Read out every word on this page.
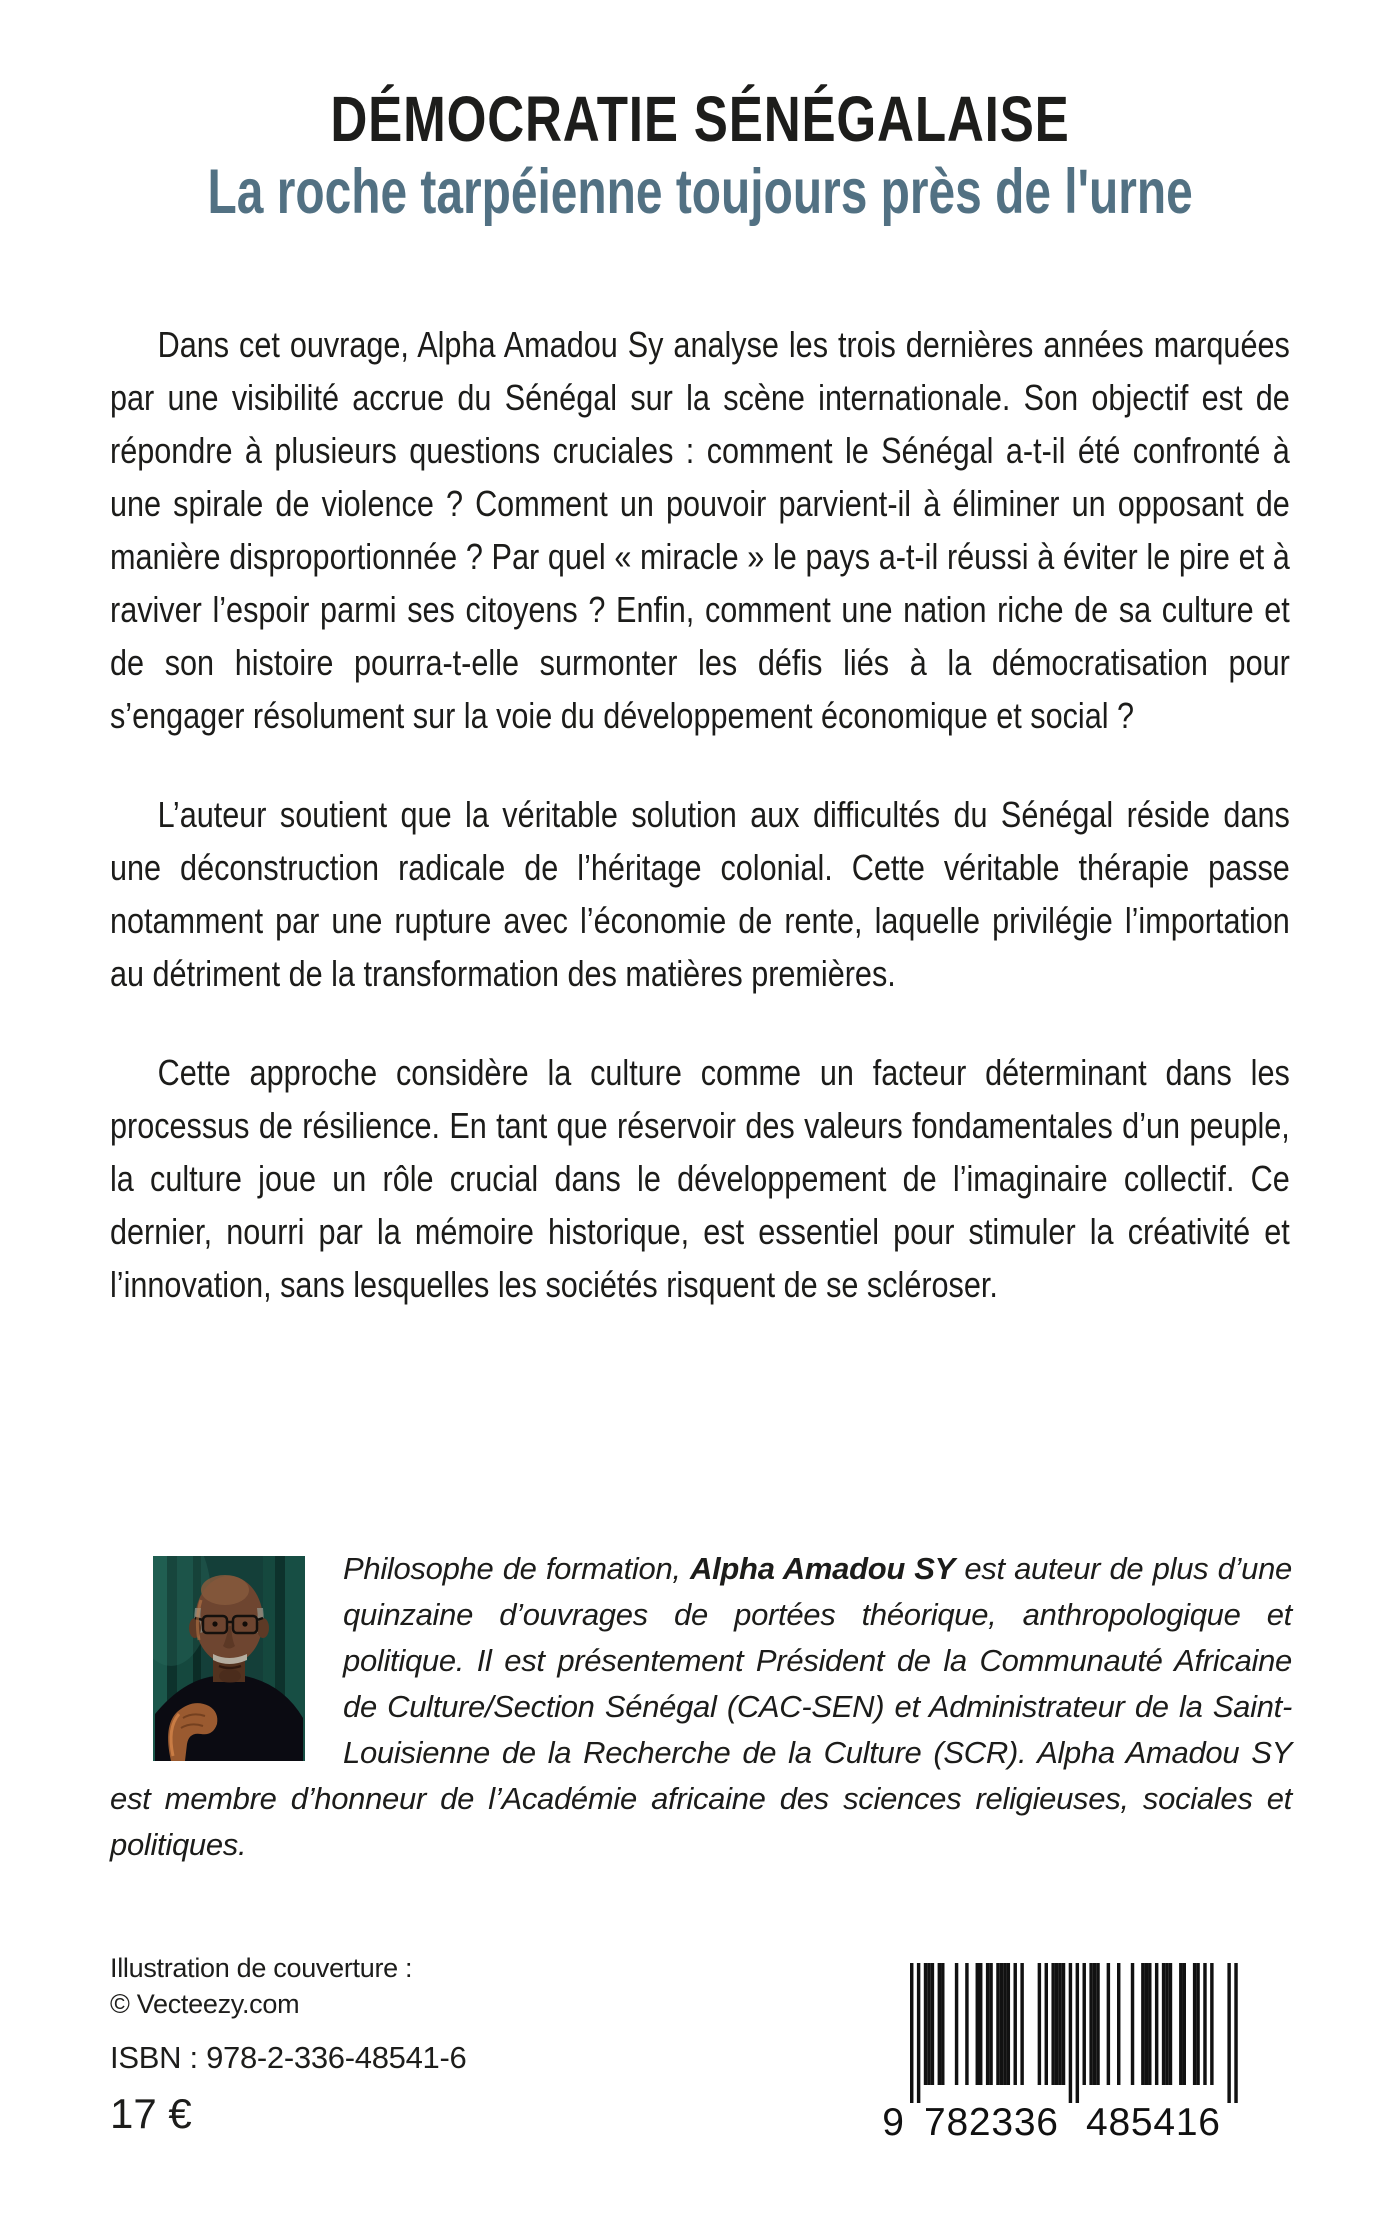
DÉMOCRATIE SÉNÉGALAISE
La roche tarpéienne toujours près de l'urne

Dans cet ouvrage, Alpha Amadou Sy analyse les trois dernières années marquées par une visibilité accrue du Sénégal sur la scène internationale. Son objectif est de répondre à plusieurs questions cruciales : comment le Sénégal a-t-il été confronté à une spirale de violence ? Comment un pouvoir parvient-il à éliminer un opposant de manière disproportionnée ? Par quel « miracle » le pays a-t-il réussi à éviter le pire et à raviver l’espoir parmi ses citoyens ? Enfin, comment une nation riche de sa culture et de son histoire pourra-t-elle surmonter les défis liés à la démocratisation pour s’engager résolument sur la voie du développement économique et social ?

L’auteur soutient que la véritable solution aux difficultés du Sénégal réside dans une déconstruction radicale de l’héritage colonial. Cette véritable thérapie passe notamment par une rupture avec l’économie de rente, laquelle privilégie l’importation au détriment de la transformation des matières premières.

Cette approche considère la culture comme un facteur déterminant dans les processus de résilience. En tant que réservoir des valeurs fondamentales d’un peuple, la culture joue un rôle crucial dans le développement de l’imaginaire collectif. Ce dernier, nourri par la mémoire historique, est essentiel pour stimuler la créativité et l’innovation, sans lesquelles les sociétés risquent de se scléroser.

Philosophe de formation, Alpha Amadou SY est auteur de plus d’une quinzaine d’ouvrages de portées théorique, anthropologique et politique. Il est présentement Président de la Communauté Africaine de Culture/Section Sénégal (CAC-SEN) et Administrateur de la Saint-Louisienne de la Recherche de la Culture (SCR). Alpha Amadou SY est membre d’honneur de l’Académie africaine des sciences religieuses, sociales et politiques.

Illustration de couverture :
© Vecteezy.com
ISBN : 978-2-336-48541-6
17 €	9 7 8 2 3 3 6 4 8 5 4 1 6
